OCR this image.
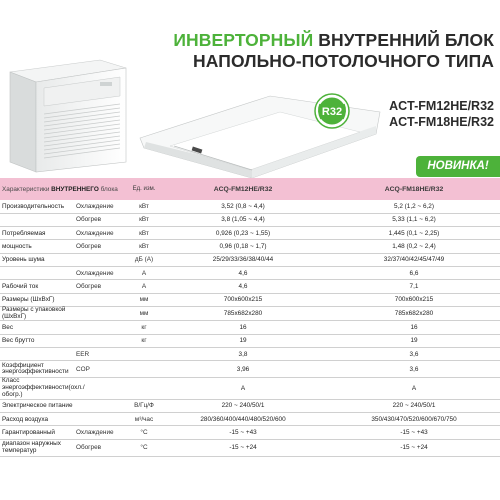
ИНВЕРТОРНЫЙ ВНУТРЕННИЙ БЛОК
НАПОЛЬНО-ПОТОЛОЧНОГО ТИПА
R32	ACT-FM12HE/R32
ACT-FM18HE/R32
НОВИНКА!
Характеристики ВНУТРЕННЕГО блока		Ед. изм.	ACQ-FM12HE/R32	ACQ-FM18HE/R32
Производительность	Охлаждение	кВт	3,52 (0,8 ~ 4,4)	5,2 (1,2 ~ 6,2)
	Обогрев	кВт	3,8 (1,05 ~ 4,4)	5,33 (1,1 ~ 6,2)
Потребляемая	Охлаждение	кВт	0,926 (0,23 ~ 1,55)	1,445 (0,1 ~ 2,25)
мощность	Обогрев	кВт	0,96 (0,18 ~ 1,7)	1,48 (0,2 ~ 2,4)
Уровень шума		дБ (A)	25/29/33/36/38/40/44	32/37/40/42/45/47/49
	Охлаждение	А	4,6	6,6
Рабочий ток	Обогрев	А	4,6	7,1
Размеры (ШхВхГ)		мм	700х600х215	700х600х215
Размеры с упаковкой (ШхВхГ)		мм	785х682х280	785х682х280
Вес		кг	16	16
Вес брутто		кг	19	19
	EER		3,8	3,6
Коэффициент энергоэффективности	COP		3,96	3,6
Класс энергоэффективности(охл./обогр.)			A	A
Электрическое питание		В/Гц/Ф	220 ~ 240/50/1	220 ~ 240/50/1
Расход воздуха		м³/час	280/360/400/440/480/520/600	350/430/470/520/600/670/750
Гарантированный	Охлаждение	°C	-15 ~ +43	-15 ~ +43
диапазон наружных температур	Обогрев	°C	-15 ~ +24	-15 ~ +24
